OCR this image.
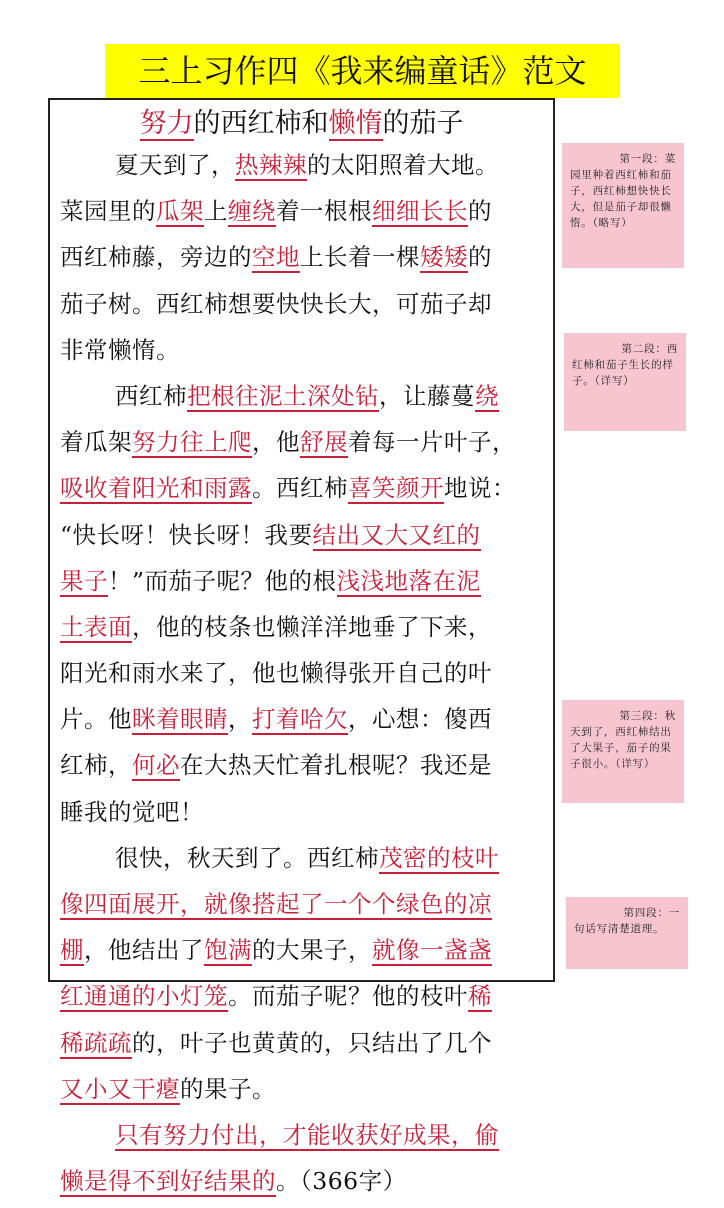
三上习作四《我来编童话》范文
努力的西红柿和懒惰的茄子
夏天到了，热辣辣的太阳照着大地。
菜园里的瓜架上缠绕着一根根细细长长的
西红柿藤，旁边的空地上长着一棵矮矮的
茄子树。西红柿想要快快长大，可茄子却
非常懒惰。
西红柿把根往泥土深处钻，让藤蔓绕
着瓜架努力往上爬，他舒展着每一片叶子，
吸收着阳光和雨露。西红柿喜笑颜开地说：
“快长呀！快长呀！我要结出又大又红的
果子！”而茄子呢？他的根浅浅地落在泥
土表面，他的枝条也懒洋洋地垂了下来，
阳光和雨水来了，他也懒得张开自己的叶
片。他眯着眼睛，打着哈欠，心想：傻西
红柿，何必在大热天忙着扎根呢？我还是
睡我的觉吧！
很快，秋天到了。西红柿茂密的枝叶
像四面展开，就像搭起了一个个绿色的凉
棚，他结出了饱满的大果子，就像一盏盏
红通通的小灯笼。而茄子呢？他的枝叶稀
稀疏疏的，叶子也黄黄的，只结出了几个
又小又干瘪的果子。
只有努力付出，才能收获好成果，偷
懒是得不到好结果的。（366字）
第一段：菜
园里种着西红柿和茄子，西红柿想快快长大，但是茄子却很懒惰。（略写）
第二段：西
红柿和茄子生长的样子。（详写）
第三段：秋
天到了，西红柿结出了大果子，茄子的果子很小。（详写）
第四段：一
句话写清楚道理。
